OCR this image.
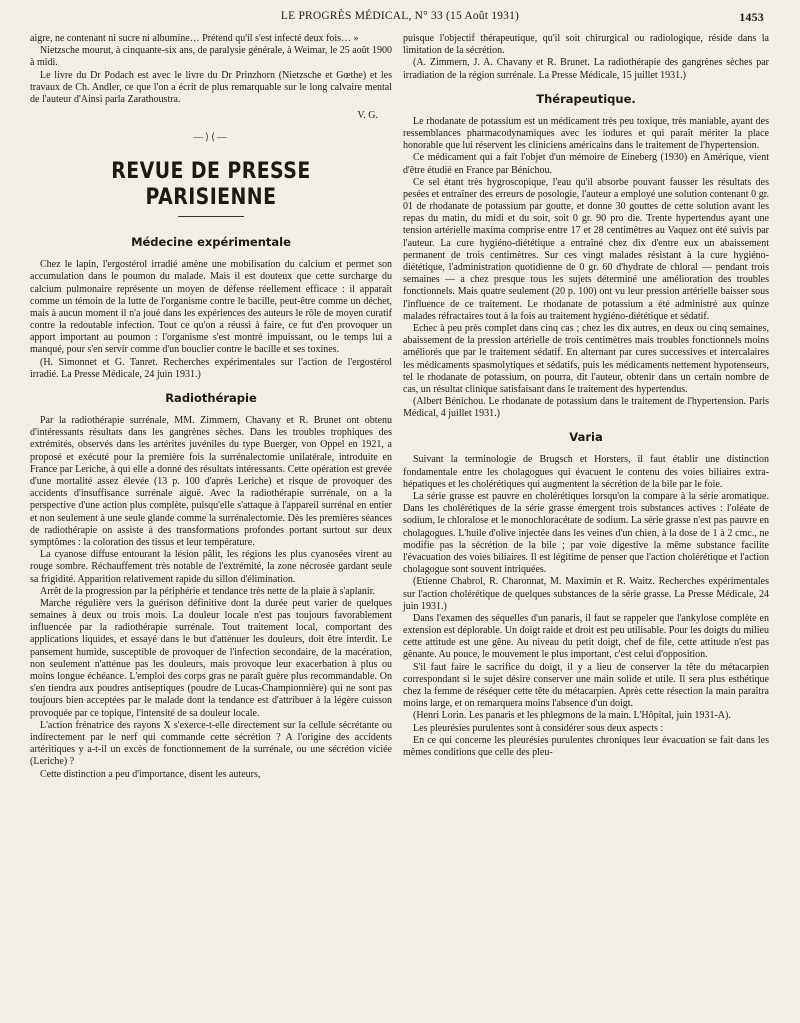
LE PROGRÈS MÉDICAL, N° 33 (15 Août 1931)	1453

aigre, ne contenant ni sucre ni albumine… Prétend qu'il s'est infecté deux fois… »

Nietzsche mourut, à cinquante-six ans, de paralysie générale, à Weimar, le 25 août 1900 à midi.

Le livre du Dr Podach est avec le livre du Dr Prinzhorn (Nietzsche et Gœthe) et les travaux de Ch. Andler, ce que l'on a écrit de plus remarquable sur le long calvaire mental de l'auteur d'Ainsi parla Zarathoustra.

V. G.
—⟩⟨—
REVUE DE PRESSE PARISIENNE
Médecine expérimentale

Chez le lapin, l'ergostérol irradié amène une mobilisation du calcium et permet son accumulation dans le poumon du malade. Mais il est douteux que cette surcharge du calcium pulmonaire représente un moyen de défense réellement efficace : il apparaît comme un témoin de la lutte de l'organisme contre le bacille, peut-être comme un déchet, mais à aucun moment il n'a joué dans les expériences des auteurs le rôle de moyen curatif contre la redoutable infection. Tout ce qu'on a réussi à faire, ce fut d'en provoquer un apport important au poumon : l'organisme s'est montré impuissant, ou le temps lui a manqué, pour s'en servir comme d'un bouclier contre le bacille et ses toxines.

(H. Simonnet et G. Tanret. Recherches expérimentales sur l'action de l'ergostérol irradié. La Presse Médicale, 24 juin 1931.)

Radiothérapie

Par la radiothérapie surrénale, MM. Zimmern, Chavany et R. Brunet ont obtenu d'intéressants résultats dans les gangrènes sèches. Dans les troubles trophiques des extrémités, observés dans les artérites juvéniles du type Buerger, von Oppel en 1921, a proposé et exécuté pour la première fois la surrénalectomie unilatérale, introduite en France par Leriche, à qui elle a donné des résultats intéressants. Cette opération est grevée d'une mortalité assez élevée (13 p. 100 d'après Leriche) et risque de provoquer des accidents d'insuffisance surrénale aiguë. Avec la radiothérapie surrénale, on a la perspective d'une action plus complète, puisqu'elle s'attaque à l'appareil surrénal en entier et non seulement à une seule glande comme la surrénalectomie. Dès les premières séances de radiothérapie on assiste à des transformations profondes portant surtout sur deux symptômes : la coloration des tissus et leur température.

La cyanose diffuse entourant la lésion pâlit, les régions les plus cyanosées virent au rouge sombre. Réchauffement très notable de l'extrémité, la zone nécrosée gardant seule sa frigidité. Apparition relativement rapide du sillon d'élimination.

Arrêt de la progression par la périphérie et tendance très nette de la plaie à s'aplanir.

Marche régulière vers la guérison définitive dont la durée peut varier de quelques semaines à deux ou trois mois. La douleur locale n'est pas toujours favorablement influencée par la radiothérapie surrénale. Tout traitement local, comportant des applications liquides, et essayé dans le but d'atténuer les douleurs, doit être interdit. Le pansement humide, susceptible de provoquer de l'infection secondaire, de la macération, non seulement n'atténue pas les douleurs, mais provoque leur exacerbation à plus ou moins longue échéance. L'emploi des corps gras ne paraît guère plus recommandable. On s'en tiendra aux poudres antiseptiques (poudre de Lucas-Championnière) qui ne sont pas toujours bien acceptées par le malade dont la tendance est d'attribuer à la légère cuisson provoquée par ce topique, l'intensité de sa douleur locale.

L'action frénatrice des rayons X s'exerce-t-elle directement sur la cellule sécrétante ou indirectement par le nerf qui commande cette sécrétion ? A l'origine des accidents artéritiques y a-t-il un excès de fonctionnement de la surrénale, ou une sécrétion viciée (Leriche) ?

Cette distinction a peu d'importance, disent les auteurs,

puisque l'objectif thérapeutique, qu'il soit chirurgical ou radiologique, réside dans la limitation de la sécrétion.

(A. Zimmern, J. A. Chavany et R. Brunet. La radiothérapie des gangrènes sèches par irradiation de la région surrénale. La Presse Médicale, 15 juillet 1931.)

Thérapeutique.

Le rhodanate de potassium est un médicament très peu toxique, très maniable, ayant des ressemblances pharmacodynamiques avec les iodures et qui paraît mériter la place honorable que lui réservent les cliniciens américains dans le traitement de l'hypertension.

Ce médicament qui a fait l'objet d'un mémoire de Eineberg (1930) en Amérique, vient d'être étudié en France par Bénichou.

Ce sel étant très hygroscopique, l'eau qu'il absorbe pouvant fausser les résultats des pesées et entraîner des erreurs de posologie, l'auteur a employé une solution contenant 0 gr. 01 de rhodanate de potassium par goutte, et donne 30 gouttes de cette solution avant les repas du matin, du midi et du soir, soit 0 gr. 90 pro die. Trente hypertendus ayant une tension artérielle maxima comprise entre 17 et 28 centimètres au Vaquez ont été suivis par l'auteur. La cure hygiéno-diététique a entraîné chez dix d'entre eux un abaissement permanent de trois centimètres. Sur ces vingt malades résistant à la cure hygiéno-diététique, l'administration quotidienne de 0 gr. 60 d'hydrate de chloral — pendant trois semaines — a chez presque tous les sujets déterminé une amélioration des troubles fonctionnels. Mais quatre seulement (20 p. 100) ont vu leur pression artérielle baisser sous l'influence de ce traitement. Le rhodanate de potassium a été administré aux quinze malades réfractaires tout à la fois au traitement hygiéno-diététique et sédatif.

Echec à peu près complet dans cinq cas ; chez les dix autres, en deux ou cinq semaines, abaissement de la pression artérielle de trois centimètres mais troubles fonctionnels moins améliorés que par le traitement sédatif. En alternant par cures successives et intercalaires les médicaments spasmolytiques et sédatifs, puis les médicaments nettement hypotenseurs, tel le rhodanate de potassium, on pourra, dit l'auteur, obtenir dans un certain nombre de cas, un résultat clinique satisfaisant dans le traitement des hypertendus.

(Albert Bénichou. Le rhodanate de potassium dans le traitement de l'hypertension. Paris Médical, 4 juillet 1931.)

Varia

Suivant la terminologie de Brugsch et Horsters, il faut établir une distinction fondamentale entre les cholagogues qui évacuent le contenu des voies biliaires extra-hépatiques et les cholérétiques qui augmentent la sécrétion de la bile par le foie.

La série grasse est pauvre en cholérétiques lorsqu'on la compare à la série aromatique. Dans les cholérétiques de la série grasse émergent trois substances actives : l'oléate de sodium, le chloralose et le monochloracétate de sodium. La série grasse n'est pas pauvre en cholagogues. L'huile d'olive injectée dans les veines d'un chien, à la dose de 1 à 2 cmc., ne modifie pas la sécrétion de la bile ; par voie digestive la même substance facilite l'évacuation des voies biliaires. Il est légitime de penser que l'action cholérétique et l'action cholagogue sont souvent intriquées.

(Etienne Chabrol, R. Charonnat, M. Maximin et R. Waitz. Recherches expérimentales sur l'action cholérétique de quelques substances de la série grasse. La Presse Médicale, 24 juin 1931.)

Dans l'examen des séquelles d'un panaris, il faut se rappeler que l'ankylose complète en extension est déplorable. Un doigt raide et droit est peu utilisable. Pour les doigts du milieu cette attitude est une gêne. Au niveau du petit doigt, chef de file, cette attitude n'est pas gênante. Au pouce, le mouvement le plus important, c'est celui d'opposition.

S'il faut faire le sacrifice du doigt, il y a lieu de conserver la tête du métacarpien correspondant si le sujet désire conserver une main solide et utile. Il sera plus esthétique chez la femme de réséquer cette tête du métacarpien. Après cette résection la main paraîtra moins large, et on remarquera moins l'absence d'un doigt.

(Henri Lorin. Les panaris et les phlegmons de la main. L'Hôpital, juin 1931-A).

Les pleurésies purulentes sont à considérer sous deux aspects :

En ce qui concerne les pleurésies purulentes chroniques leur évacuation se fait dans les mêmes conditions que celle des pleu-
